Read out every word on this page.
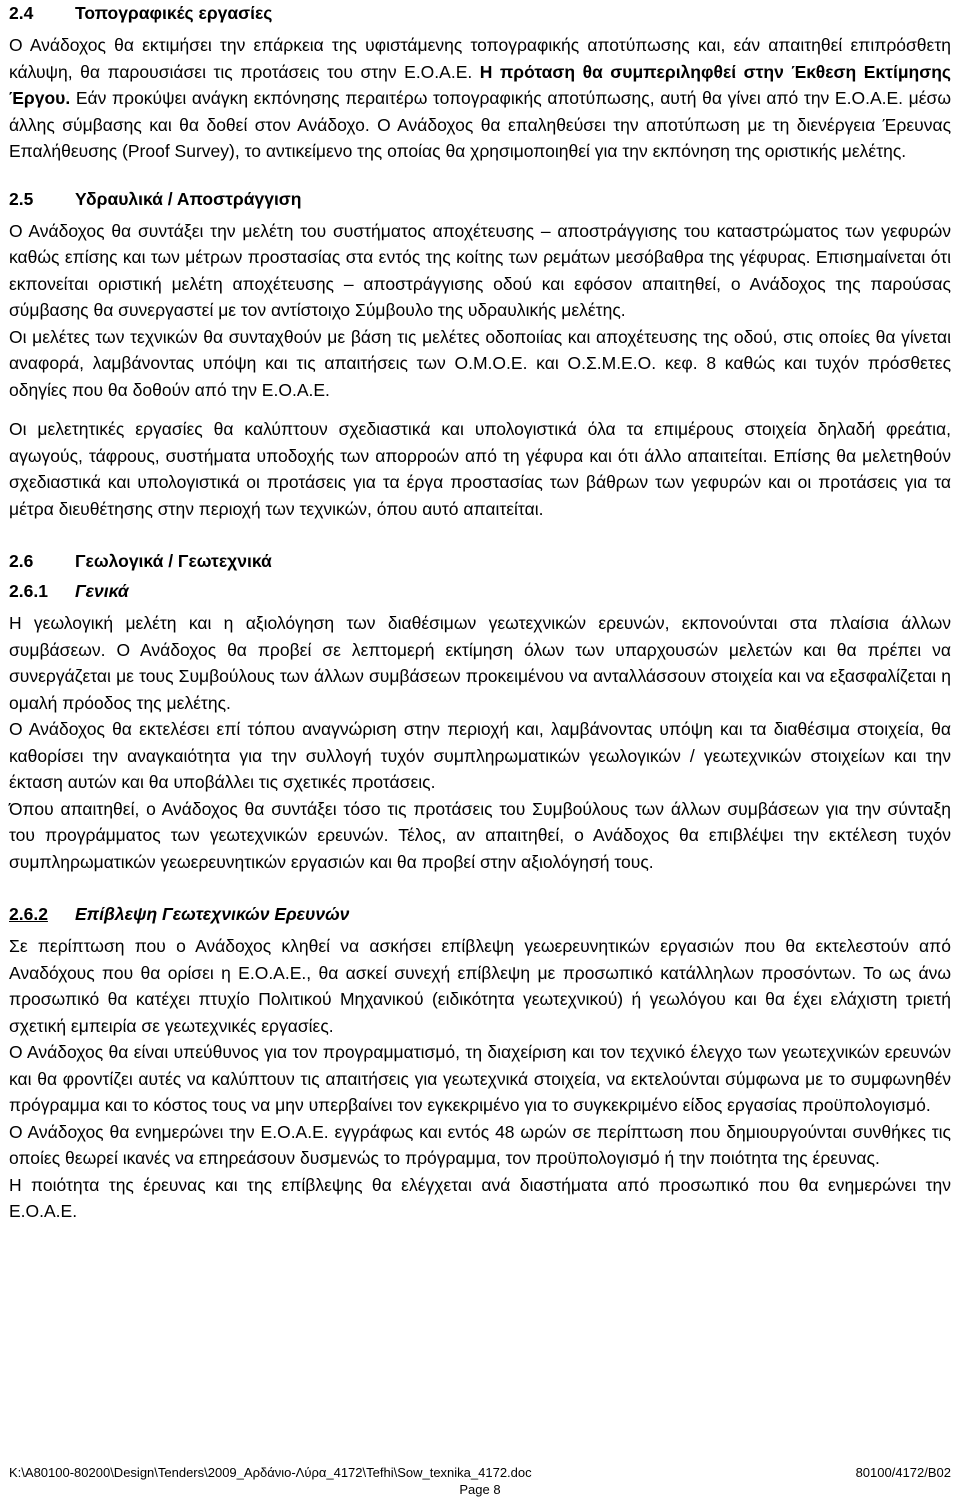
2.4 Τοπογραφικές εργασίες

Ο Ανάδοχος θα εκτιμήσει την επάρκεια της υφιστάμενης τοπογραφικής αποτύπωσης και, εάν απαιτηθεί επιπρόσθετη κάλυψη, θα παρουσιάσει τις προτάσεις του στην Ε.Ο.Α.Ε. Η πρόταση θα συμπεριληφθεί στην Έκθεση Εκτίμησης Έργου. Εάν προκύψει ανάγκη εκπόνησης περαιτέρω τοπογραφικής αποτύπωσης, αυτή θα γίνει από την Ε.Ο.Α.Ε. μέσω άλλης σύμβασης και θα δοθεί στον Ανάδοχο. Ο Ανάδοχος θα επαληθεύσει την αποτύπωση με τη διενέργεια Έρευνας Επαλήθευσης (Proof Survey), το αντικείμενο της οποίας θα χρησιμοποιηθεί για την εκπόνηση της οριστικής μελέτης.

2.5 Υδραυλικά / Αποστράγγιση

Ο Ανάδοχος θα συντάξει την μελέτη του συστήματος αποχέτευσης – αποστράγγισης του καταστρώματος των γεφυρών καθώς επίσης και των μέτρων προστασίας στα εντός της κοίτης των ρεμάτων μεσόβαθρα της γέφυρας. Επισημαίνεται ότι εκπονείται οριστική μελέτη αποχέτευσης – αποστράγγισης οδού και εφόσον απαιτηθεί, ο Ανάδοχος της παρούσας σύμβασης θα συνεργαστεί με τον αντίστοιχο Σύμβουλο της υδραυλικής μελέτης.

Οι μελέτες των τεχνικών θα συνταχθούν με βάση τις μελέτες οδοποιίας και αποχέτευσης της οδού, στις οποίες θα γίνεται αναφορά, λαμβάνοντας υπόψη και τις απαιτήσεις των Ο.Μ.Ο.Ε. και Ο.Σ.Μ.Ε.Ο. κεφ. 8 καθώς και τυχόν πρόσθετες οδηγίες που θα δοθούν από την Ε.Ο.Α.Ε.

Οι μελετητικές εργασίες θα καλύπτουν σχεδιαστικά και υπολογιστικά όλα τα επιμέρους στοιχεία δηλαδή φρεάτια, αγωγούς, τάφρους, συστήματα υποδοχής των απορροών από τη γέφυρα και ότι άλλο απαιτείται. Επίσης θα μελετηθούν σχεδιαστικά και υπολογιστικά οι προτάσεις για τα έργα προστασίας των βάθρων των γεφυρών και οι προτάσεις για τα μέτρα διευθέτησης στην περιοχή των τεχνικών, όπου αυτό απαιτείται.

2.6 Γεωλογικά / Γεωτεχνικά
2.6.1 Γενικά

Η γεωλογική μελέτη και η αξιολόγηση των διαθέσιμων γεωτεχνικών ερευνών, εκπονούνται στα πλαίσια άλλων συμβάσεων. Ο Ανάδοχος θα προβεί σε λεπτομερή εκτίμηση όλων των υπαρχουσών μελετών και θα πρέπει να συνεργάζεται με τους Συμβούλους των άλλων συμβάσεων προκειμένου να ανταλλάσσουν στοιχεία και να εξασφαλίζεται η ομαλή πρόοδος της μελέτης.

Ο Ανάδοχος θα εκτελέσει επί τόπου αναγνώριση στην περιοχή και, λαμβάνοντας υπόψη και τα διαθέσιμα στοιχεία, θα καθορίσει την αναγκαιότητα για την συλλογή τυχόν συμπληρωματικών γεωλογικών / γεωτεχνικών στοιχείων και την έκταση αυτών και θα υποβάλλει τις σχετικές προτάσεις.

Όπου απαιτηθεί, ο Ανάδοχος θα συντάξει τόσο τις προτάσεις του Συμβούλους των άλλων συμβάσεων για την σύνταξη του προγράμματος των γεωτεχνικών ερευνών. Τέλος, αν απαιτηθεί, ο Ανάδοχος θα επιβλέψει την εκτέλεση τυχόν συμπληρωματικών γεωερευνητικών εργασιών και θα προβεί στην αξιολόγησή τους.

2.6.2 Επίβλεψη Γεωτεχνικών Ερευνών

Σε περίπτωση που ο Ανάδοχος κληθεί να ασκήσει επίβλεψη γεωερευνητικών εργασιών που θα εκτελεστούν από Αναδόχους που θα ορίσει η Ε.Ο.Α.Ε., θα ασκεί συνεχή επίβλεψη με προσωπικό κατάλληλων προσόντων. Το ως άνω προσωπικό θα κατέχει πτυχίο Πολιτικού Μηχανικού (ειδικότητα γεωτεχνικού) ή γεωλόγου και θα έχει ελάχιστη τριετή σχετική εμπειρία σε γεωτεχνικές εργασίες.

Ο Ανάδοχος θα είναι υπεύθυνος για τον προγραμματισμό, τη διαχείριση και τον τεχνικό έλεγχο των γεωτεχνικών ερευνών και θα φροντίζει αυτές να καλύπτουν τις απαιτήσεις για γεωτεχνικά στοιχεία, να εκτελούνται σύμφωνα με το συμφωνηθέν πρόγραμμα και το κόστος τους να μην υπερβαίνει τον εγκεκριμένο για το συγκεκριμένο είδος εργασίας προϋπολογισμό.

Ο Ανάδοχος θα ενημερώνει την Ε.Ο.Α.Ε. εγγράφως και εντός 48 ωρών σε περίπτωση που δημιουργούνται συνθήκες τις οποίες θεωρεί ικανές να επηρεάσουν δυσμενώς το πρόγραμμα, τον προϋπολογισμό ή την ποιότητα της έρευνας.

Η ποιότητα της έρευνας και της επίβλεψης θα ελέγχεται ανά διαστήματα από προσωπικό που θα ενημερώνει την Ε.Ο.Α.Ε.

K:\A80100-80200\Design\Tenders\2009_Αρδάνιο-Λύρα_4172\Tefhi\Sow_texnika_4172.doc	80100/4172/B02
Page 8
